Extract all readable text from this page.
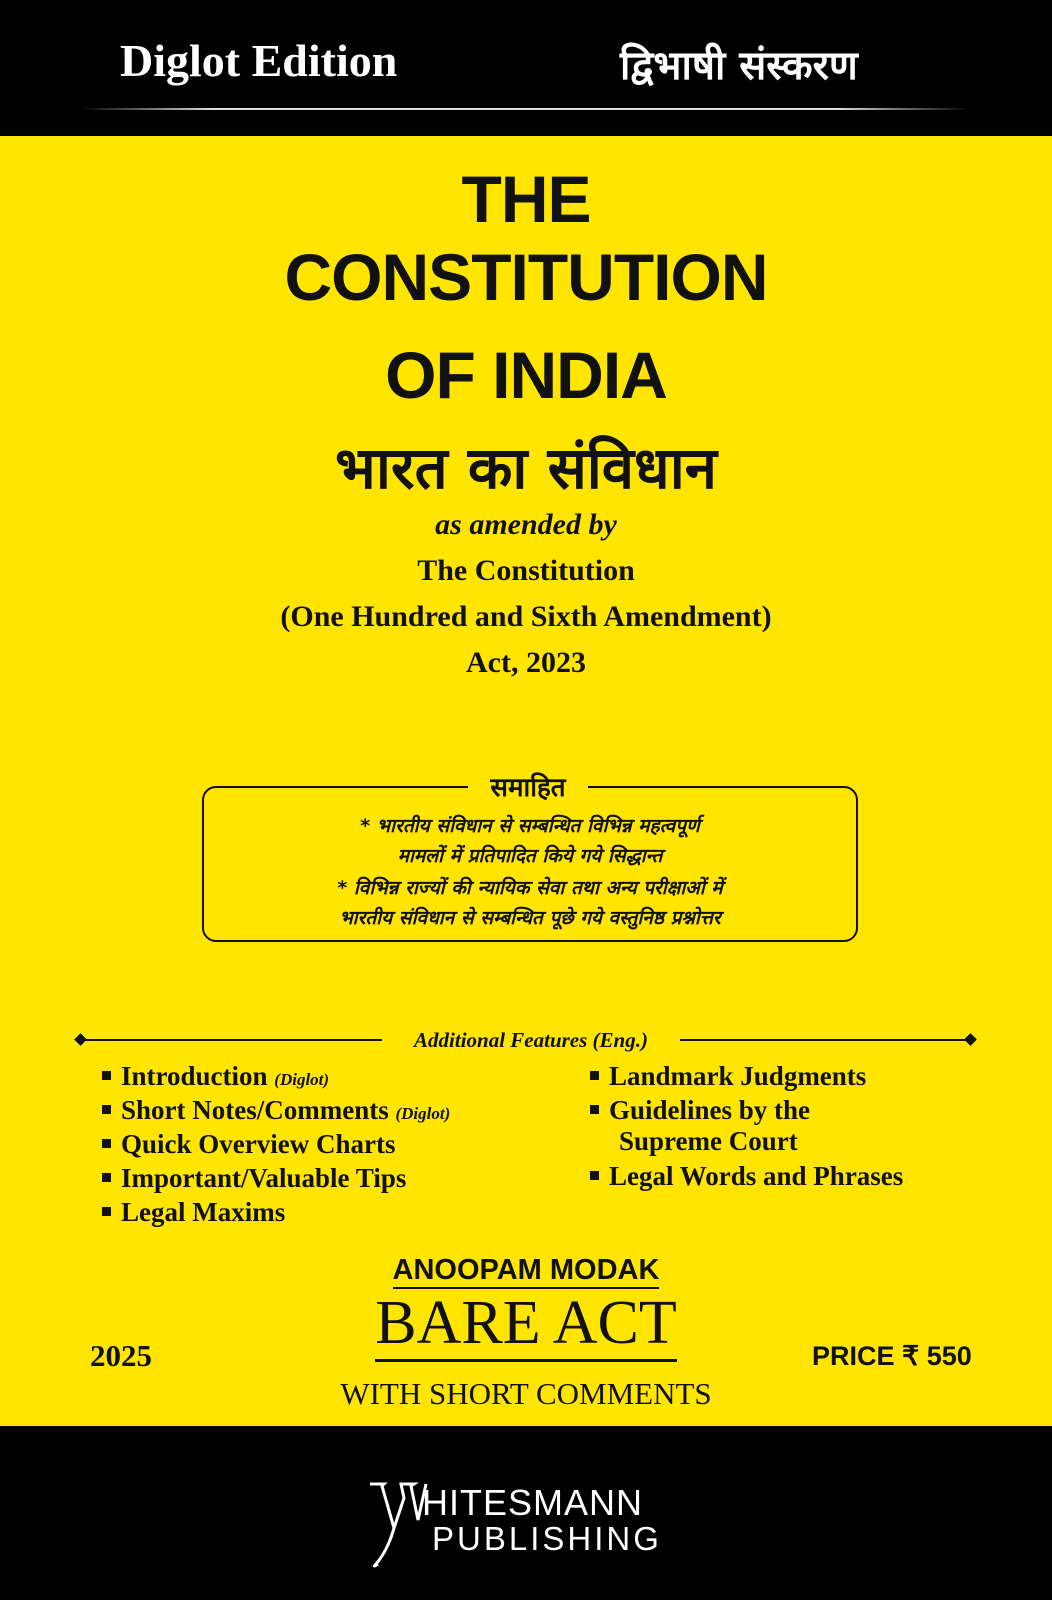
Diglot Edition	द्विभाषी संस्करण
THE
CONSTITUTION
OF INDIA
भारत का संविधान
as amended by
The Constitution
(One Hundred and Sixth Amendment)
Act, 2023
समाहित
* भारतीय संविधान से सम्बन्धित विभिन्न महत्वपूर्ण
मामलों में प्रतिपादित किये गये सिद्धान्त
* विभिन्न राज्यों की न्यायिक सेवा तथा अन्य परीक्षाओं में
भारतीय संविधान से सम्बन्धित पूछे गये वस्तुनिष्ठ प्रश्नोत्तर
Additional Features (Eng.)
Introduction (Diglot)
Short Notes/Comments (Diglot)
Quick Overview Charts
Important/Valuable Tips
Legal Maxims
Landmark Judgments
Guidelines by the
Supreme Court
Legal Words and Phrases
ANOOPAM MODAK
BARE ACT
2025	PRICE ₹ 550
WITH SHORT COMMENTS
HITESMANN
PUBLISHING
